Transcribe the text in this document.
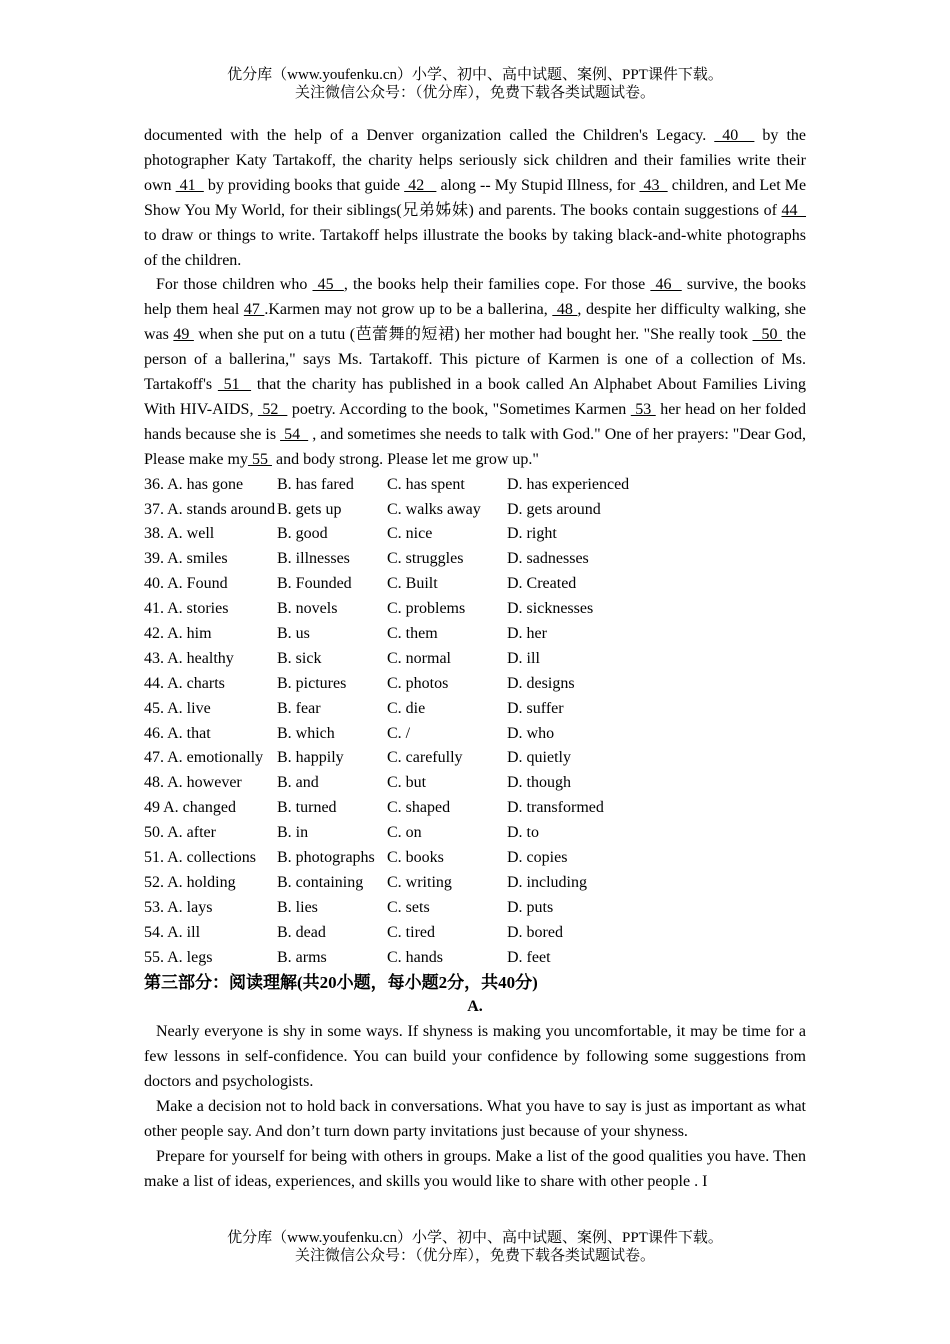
优分库（www.youfenku.cn）小学、初中、高中试题、案例、PPT课件下载。
关注微信公众号：（优分库），免费下载各类试题试卷。

documented with the help of a Denver organization called the Children's Legacy.  40   by the photographer Katy Tartakoff, the charity helps seriously sick children and their families write their own  41   by providing books that guide  42    along -- My Stupid Illness, for  43   children, and Let Me Show You My World, for their siblings(兄弟姊妹) and parents. The books contain suggestions of 44   to draw or things to write. Tartakoff helps illustrate the books by taking black-and-white photographs of the children.

For those children who  45  , the books help their families cope. For those  46   survive, the books help them heal 47 .Karmen may not grow up to be a ballerina,  48 , despite her difficulty walking, she was 49  when she put on a tutu (芭蕾舞的短裙) her mother had bought her. "She really took   50  the person of a ballerina," says Ms. Tartakoff. This picture of Karmen is one of a collection of Ms. Tartakoff's  51   that the charity has published in a book called An Alphabet About Families Living With HIV-AIDS,  52   poetry. According to the book, "Sometimes Karmen  53  her head on her folded hands because she is  54   , and sometimes she needs to talk with God." One of her prayers: "Dear God, Please make my 55  and body strong. Please let me grow up."

36. A. has gone	B. has fared	C. has spent	D. has experienced
37. A. stands around B. gets up	C. walks away	D. gets around
38. A. well	B. good	C. nice	D. right
39. A. smiles	B. illnesses	C. struggles	D. sadnesses
40. A. Found	B. Founded	C. Built	D. Created
41. A. stories	B. novels	C. problems	D. sicknesses
42. A. him	B. us	C. them	D. her
43. A. healthy	B. sick	C. normal	D. ill
44. A. charts	B. pictures	C. photos	D. designs
45. A. live	B. fear	C. die	D. suffer
46. A. that	B. which	C. /	D. who
47. A. emotionally B. happily	C. carefully	D. quietly
48. A. however	B. and	C. but	D. though
49 A. changed	B. turned	C. shaped	D. transformed
50. A. after	B. in	C. on	D. to
51. A. collections	B. photographs C. books	D. copies
52. A. holding	B. containing	C. writing	D. including
53. A. lays	B. lies	C. sets	D. puts
54. A. ill	B. dead	C. tired	D. bored
55. A. legs	B. arms	C. hands	D. feet
第三部分：阅读理解(共20小题，每小题2分，共40分)
A.

Nearly everyone is shy in some ways. If shyness is making you uncomfortable, it may be time for a few lessons in self-confidence. You can build your confidence by following some suggestions from doctors and psychologists.

Make a decision not to hold back in conversations. What you have to say is just as important as what other people say. And don’t turn down party invitations just because of your shyness.

Prepare for yourself for being with others in groups. Make a list of the good qualities you have. Then make a list of ideas, experiences, and skills you would like to share with other people . I

优分库（www.youfenku.cn）小学、初中、高中试题、案例、PPT课件下载。
关注微信公众号：（优分库），免费下载各类试题试卷。
